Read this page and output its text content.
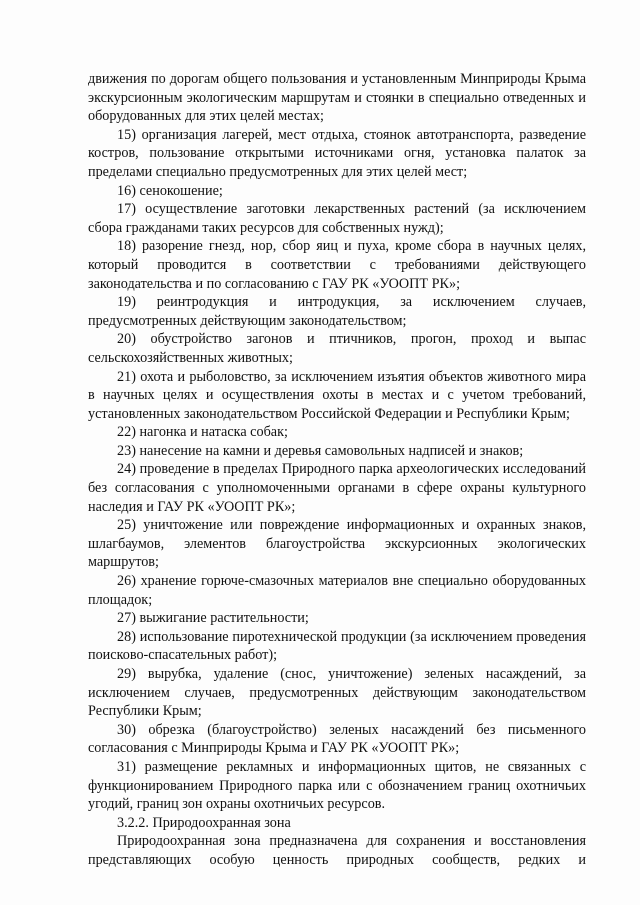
движения по дорогам общего пользования и установленным Минприроды Крыма экскурсионным экологическим маршрутам и стоянки в специально отведенных и оборудованных для этих целей местах;

15) организация лагерей, мест отдыха, стоянок автотранспорта, разведение костров, пользование открытыми источниками огня, установка палаток за пределами специально предусмотренных для этих целей мест;

16) сенокошение;

17) осуществление заготовки лекарственных растений (за исключением сбора гражданами таких ресурсов для собственных нужд);

18) разорение гнезд, нор, сбор яиц и пуха, кроме сбора в научных целях, который проводится в соответствии с требованиями действующего законодательства и по согласованию с ГАУ РК «УООПТ РК»;

19) реинтродукция и интродукция, за исключением случаев, предусмотренных действующим законодательством;

20) обустройство загонов и птичников, прогон, проход и выпас сельскохозяйственных животных;

21) охота и рыболовство, за исключением изъятия объектов животного мира в научных целях и осуществления охоты в местах и с учетом требований, установленных законодательством Российской Федерации и Республики Крым;

22) нагонка и натаска собак;

23) нанесение на камни и деревья самовольных надписей и знаков;

24) проведение в пределах Природного парка археологических исследований без согласования с уполномоченными органами в сфере охраны культурного наследия и ГАУ РК «УООПТ РК»;

25) уничтожение или повреждение информационных и охранных знаков, шлагбаумов, элементов благоустройства экскурсионных экологических маршрутов;

26) хранение горюче-смазочных материалов вне специально оборудованных площадок;

27) выжигание растительности;

28) использование пиротехнической продукции (за исключением проведения поисково-спасательных работ);

29) вырубка, удаление (снос, уничтожение) зеленых насаждений, за исключением случаев, предусмотренных действующим законодательством Республики Крым;

30) обрезка (благоустройство) зеленых насаждений без письменного согласования с Минприроды Крыма и ГАУ РК «УООПТ РК»;

31) размещение рекламных и информационных щитов, не связанных с функционированием Природного парка или с обозначением границ охотничьих угодий, границ зон охраны охотничьих ресурсов.

3.2.2. Природоохранная зона

Природоохранная зона предназначена для сохранения и восстановления представляющих особую ценность природных сообществ, редких и
